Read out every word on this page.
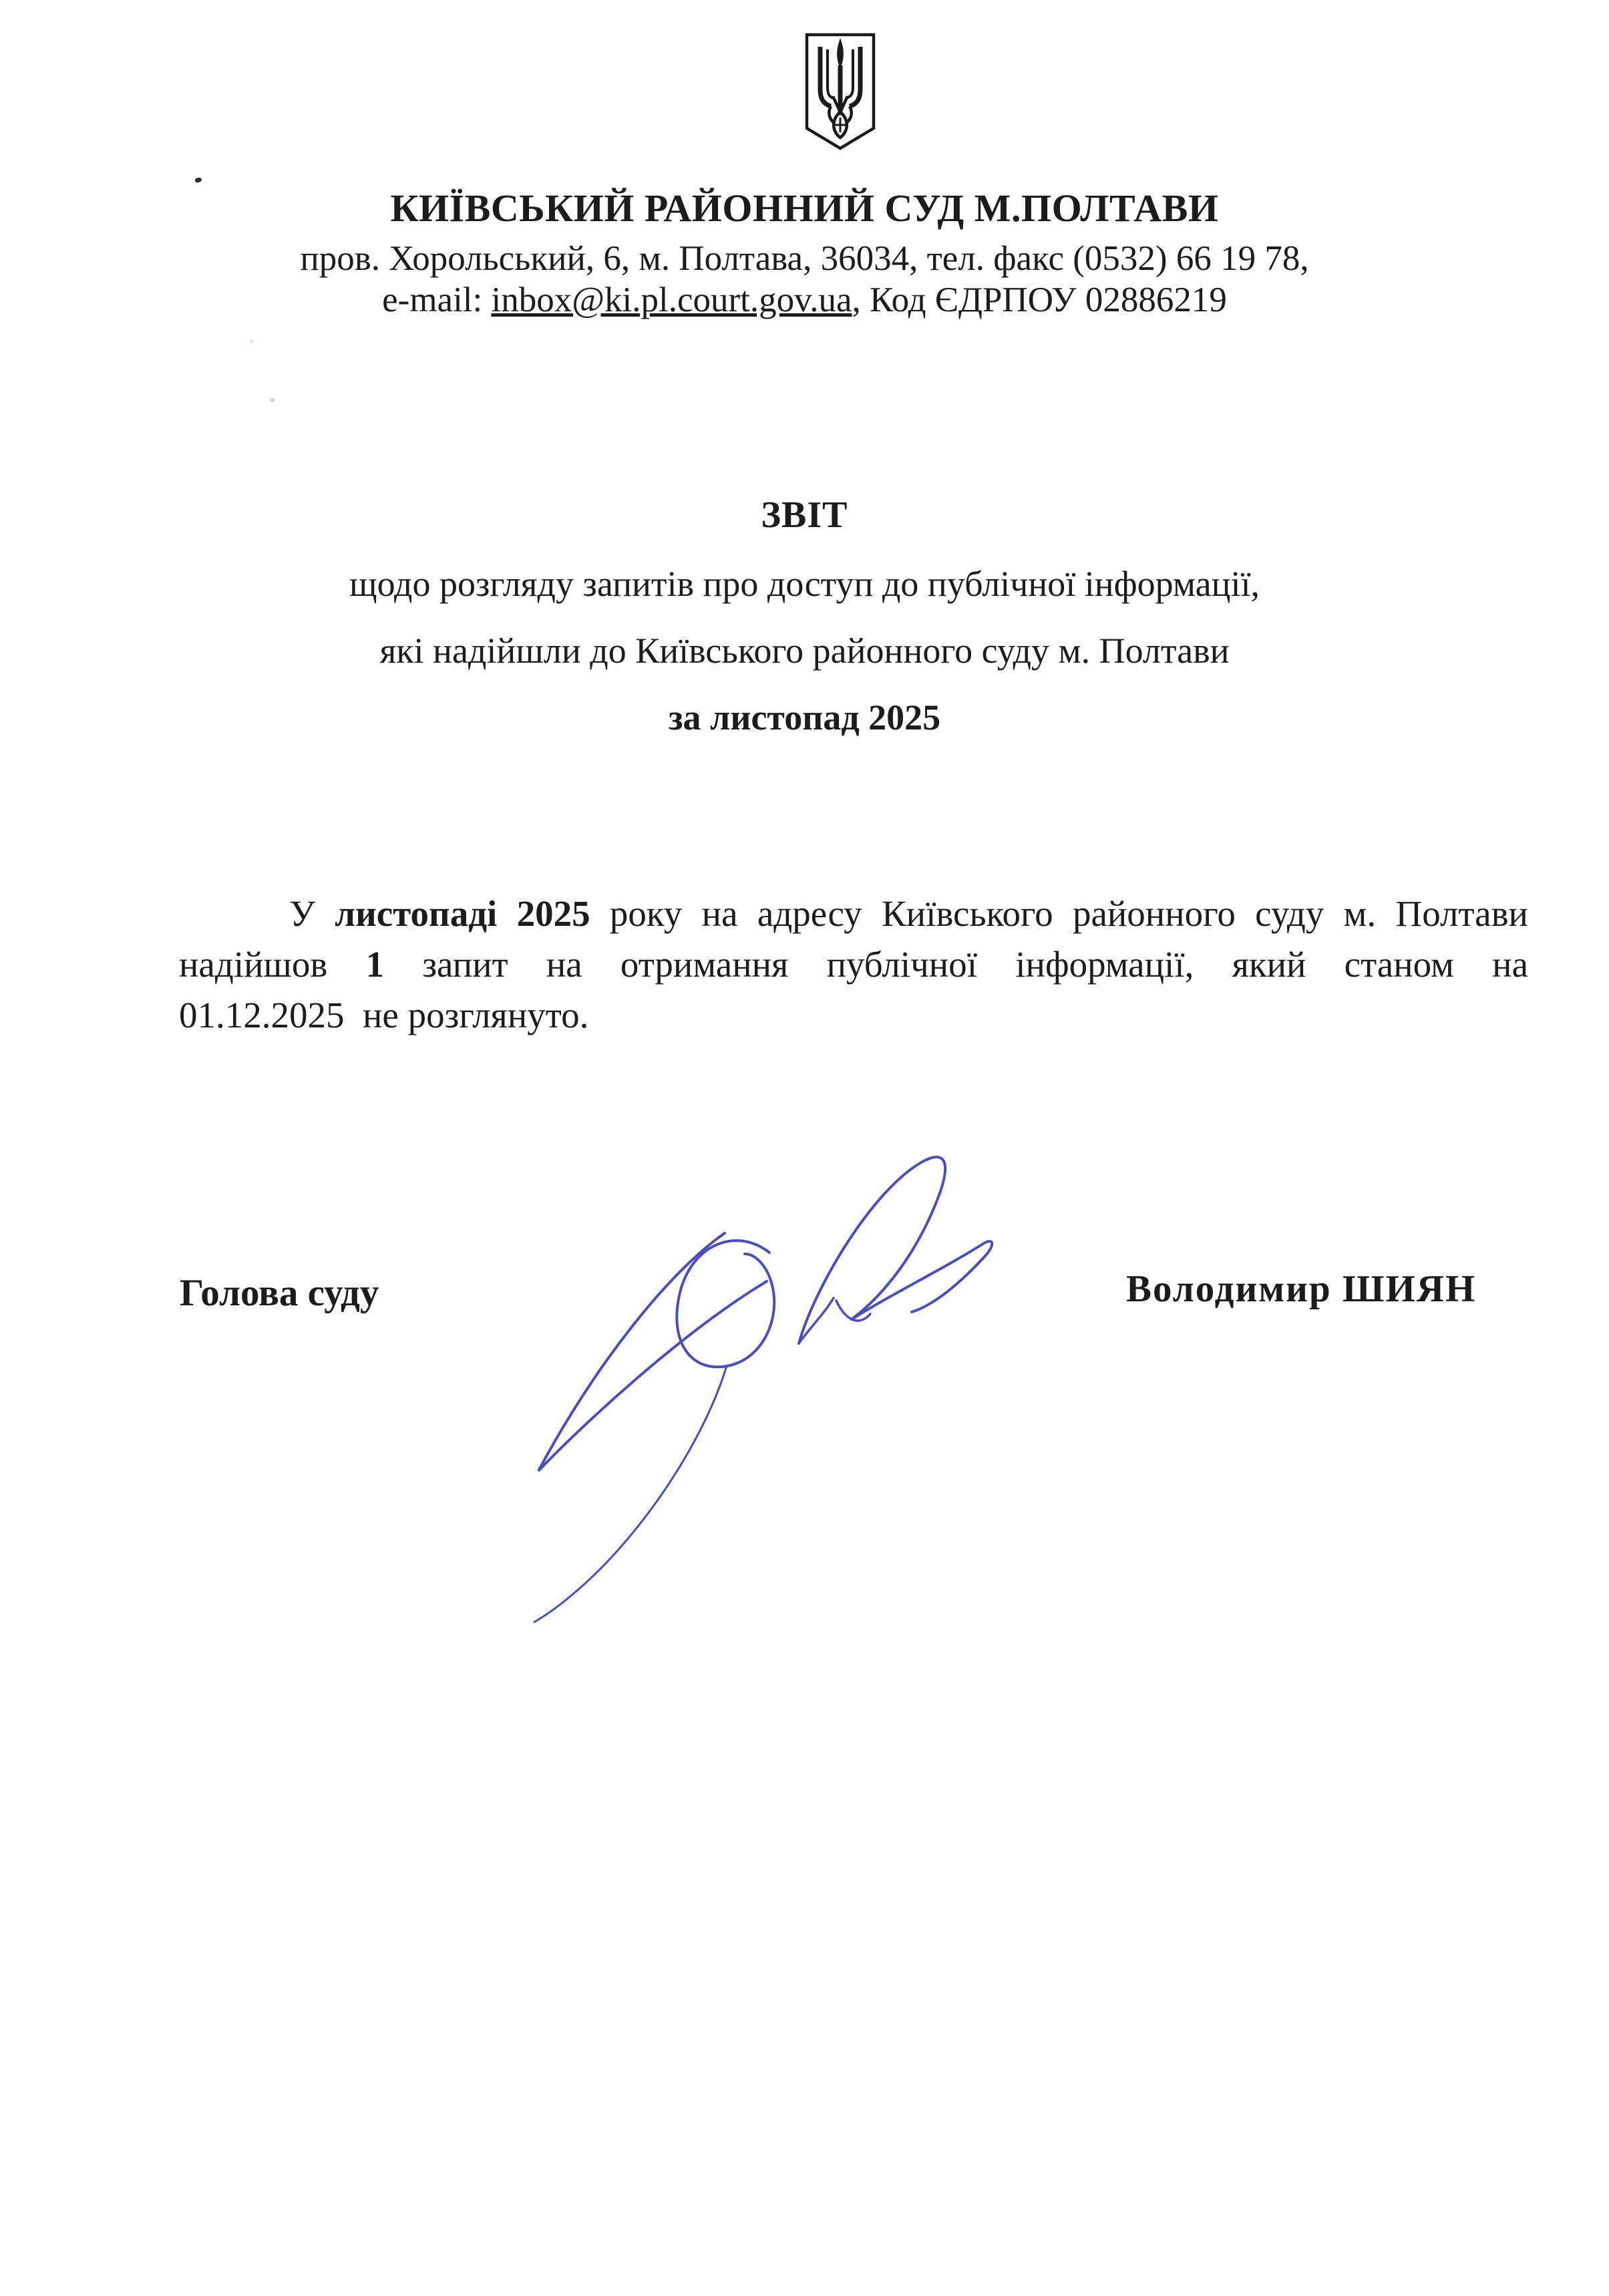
КИЇВСЬКИЙ РАЙОННИЙ СУД М.ПОЛТАВИ
пров. Хорольський, 6, м. Полтава, 36034, тел. факс (0532) 66 19 78,
e-mail: inbox@ki.pl.court.gov.ua, Код ЄДРПОУ 02886219
ЗВІТ
щодо розгляду запитів про доступ до публічної інформації,
які надійшли до Київського районного суду м. Полтави
за листопад 2025
У листопаді 2025 року на адресу Київського районного суду м. Полтави
надійшов 1 запит на отримання публічної інформації, який станом на
01.12.2025  не розглянуто.
Голова суду	Володимир ШИЯН
